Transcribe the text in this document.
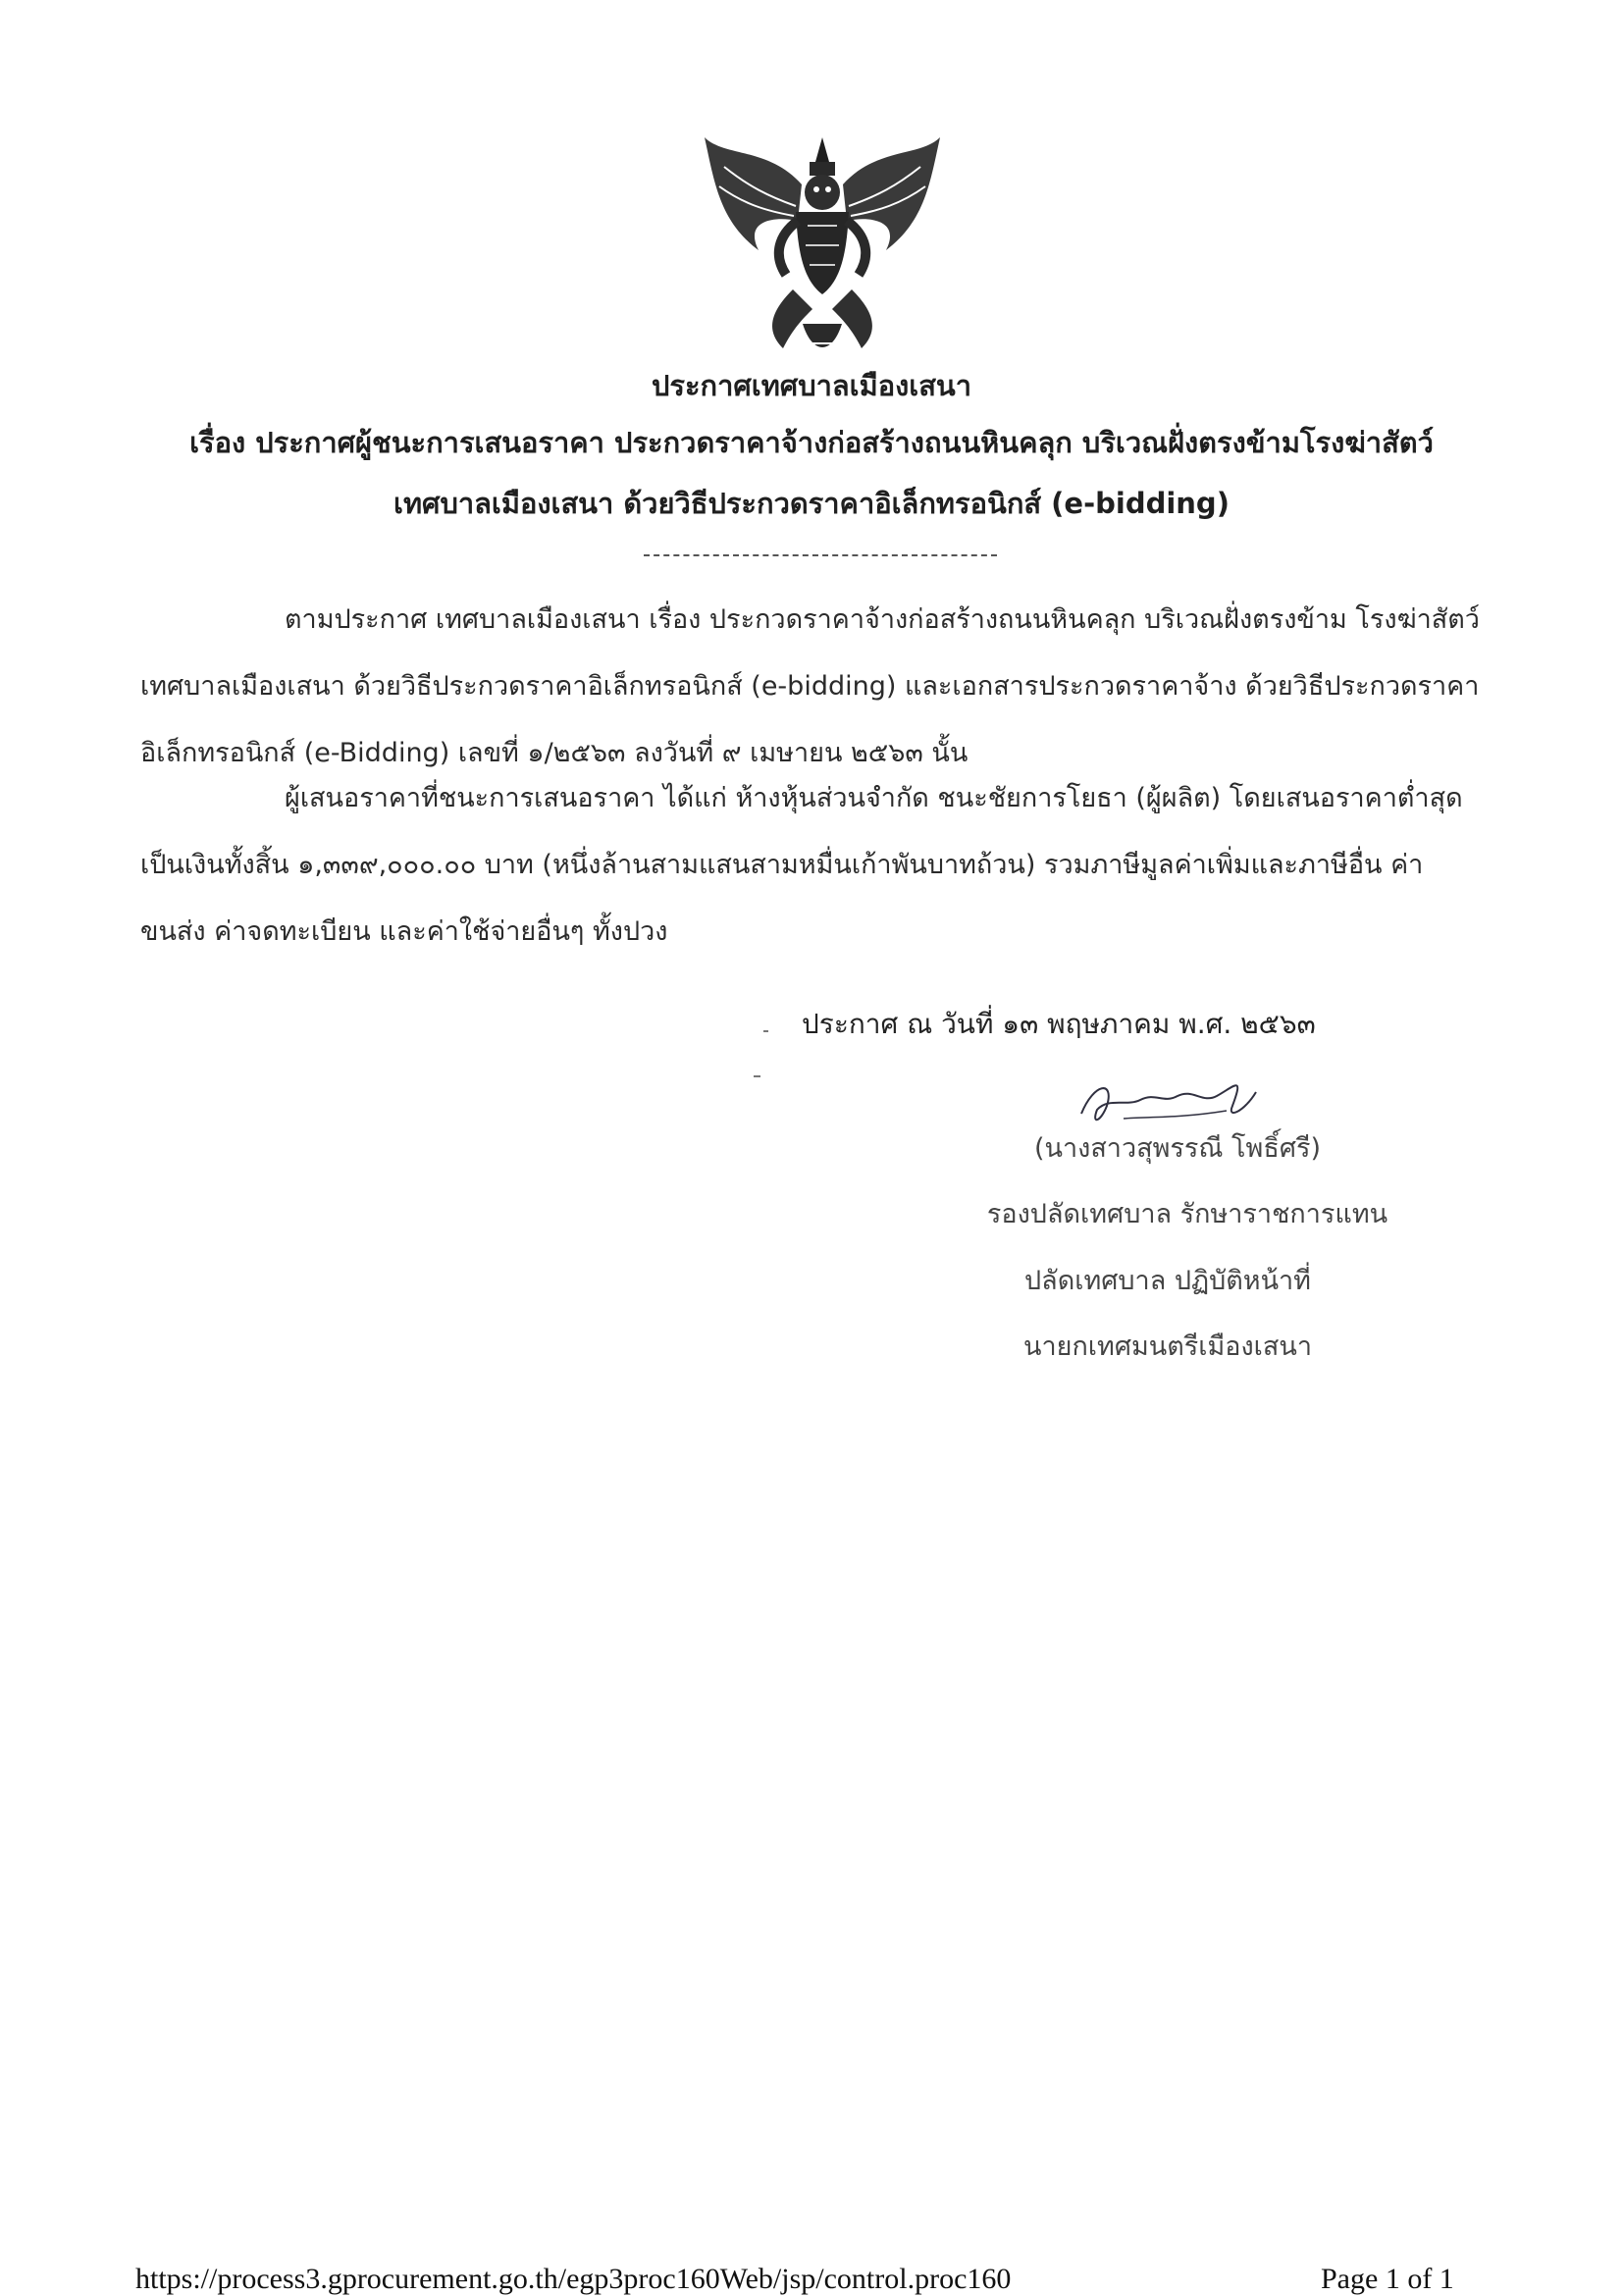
ประกาศเทศบาลเมืองเสนา
เรื่อง ประกาศผู้ชนะการเสนอราคา ประกวดราคาจ้างก่อสร้างถนนหินคลุก บริเวณฝั่งตรงข้ามโรงฆ่าสัตว์
เทศบาลเมืองเสนา ด้วยวิธีประกวดราคาอิเล็กทรอนิกส์ (e-bidding)
ตามประกาศ เทศบาลเมืองเสนา เรื่อง ประกวดราคาจ้างก่อสร้างถนนหินคลุก บริเวณฝั่งตรงข้าม โรงฆ่าสัตว์เทศบาลเมืองเสนา ด้วยวิธีประกวดราคาอิเล็กทรอนิกส์ (e-bidding) และเอกสารประกวดราคาจ้าง ด้วยวิธีประกวดราคาอิเล็กทรอนิกส์ (e-Bidding) เลขที่ ๑/๒๕๖๓ ลงวันที่ ๙ เมษายน ๒๕๖๓ นั้น
ผู้เสนอราคาที่ชนะการเสนอราคา ได้แก่ ห้างหุ้นส่วนจำกัด ชนะชัยการโยธา (ผู้ผลิต) โดยเสนอราคาต่ำสุด เป็นเงินทั้งสิ้น ๑,๓๓๙,๐๐๐.๐๐ บาท (หนึ่งล้านสามแสนสามหมื่นเก้าพันบาทถ้วน) รวมภาษีมูลค่าเพิ่มและภาษีอื่น ค่าขนส่ง ค่าจดทะเบียน และค่าใช้จ่ายอื่นๆ ทั้งปวง
ประกาศ ณ วันที่ ๑๓ พฤษภาคม พ.ศ. ๒๕๖๓
(นางสาวสุพรรณี โพธิ์ศรี)
รองปลัดเทศบาล รักษาราชการแทน
ปลัดเทศบาล ปฏิบัติหน้าที่
นายกเทศมนตรีเมืองเสนา
https://process3.gprocurement.go.th/egp3proc160Web/jsp/control.proc160	Page 1 of 1
